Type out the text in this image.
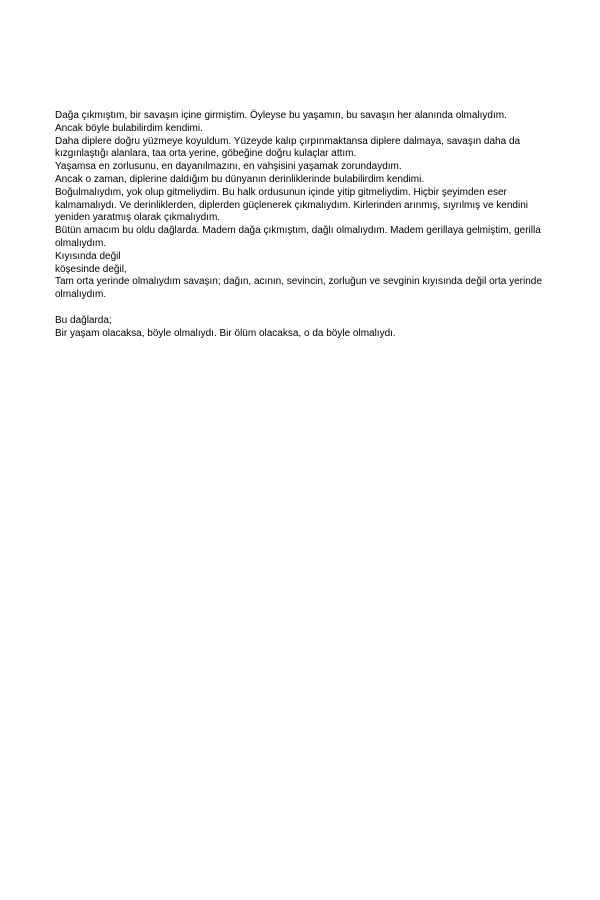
Dağa çıkmıştım, bir savaşın içine girmiştim. Öyleyse bu yaşamın, bu savaşın her alanında olmalıydım.

Ancak böyle bulabilirdim kendimi.

Daha diplere doğru yüzmeye koyuldum. Yüzeyde kalıp çırpınmaktansa diplere dalmaya, savaşın daha da kızgınlaştığı alanlara, taa orta yerine, göbeğine doğru kulaçlar attım.

Yaşamsa en zorlusunu, en dayanılmazını, en vahşisini yaşamak zorundaydım.

Ancak o zaman, diplerine daldığım bu dünyanın derinliklerinde bulabilirdim kendimi.

Boğulmalıydım, yok olup gitmeliydim. Bu halk ordusunun içinde yitip gitmeliydim. Hiçbir şeyimden eser kalmamalıydı. Ve derinliklerden, diplerden güçlenerek çıkmalıydım. Kirlerinden arınmış, sıyrılmış ve kendini yeniden yaratmış olarak çıkmalıydım.

Bütün amacım bu oldu dağlarda. Madem dağa çıkmıştım, dağlı olmalıydım. Madem gerillaya gelmiştim, gerilla olmalıydım.

Kıyısında değil

köşesinde değil,

Tam orta yerinde olmalıydım savaşın; dağın, acının, sevincin, zorluğun ve sevginin kıyısında değil orta yerinde olmalıydım.

Bu dağlarda;

Bir yaşam olacaksa, böyle olmalıydı. Bir ölüm olacaksa, o da böyle olmalıydı.
